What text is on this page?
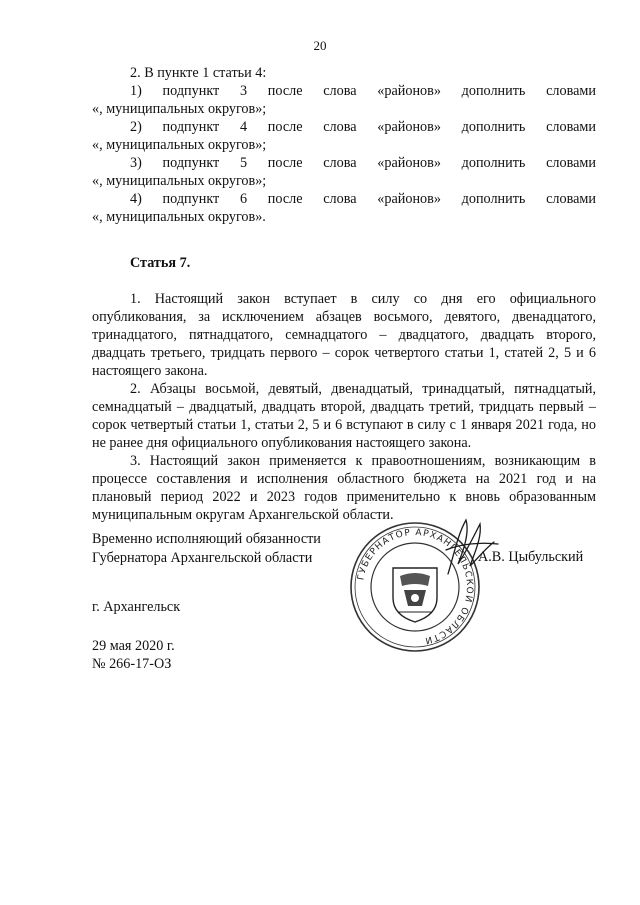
20

2. В пункте 1 статьи 4:

1) подпункт 3 после слова «районов» дополнить словами

«, муниципальных округов»;

2) подпункт 4 после слова «районов» дополнить словами

«, муниципальных округов»;

3) подпункт 5 после слова «районов» дополнить словами

«, муниципальных округов»;

4) подпункт 6 после слова «районов» дополнить словами

«, муниципальных округов».

Статья 7.

1. Настоящий закон вступает в силу со дня его официального опубликования, за исключением абзацев восьмого, девятого, двенадцатого, тринадцатого, пятнадцатого, семнадцатого – двадцатого, двадцать второго, двадцать третьего, тридцать первого – сорок четвертого статьи 1, статей 2, 5 и 6 настоящего закона.

2. Абзацы восьмой, девятый, двенадцатый, тринадцатый, пятнадцатый, семнадцатый – двадцатый, двадцать второй, двадцать третий, тридцать первый – сорок четвертый статьи 1, статьи 2, 5 и 6 вступают в силу с 1 января 2021 года, но не ранее дня официального опубликования настоящего закона.

3. Настоящий закон применяется к правоотношениям, возникающим в процессе составления и исполнения областного бюджета на 2021 год и на плановый период 2022 и 2023 годов применительно к вновь образованным муниципальным округам Архангельской области.

Временно исполняющий обязанности
Губернатора Архангельской области	А.В. Цыбульский
ГУБЕРНАТОР АРХАНГЕЛЬСКОЙ ОБЛАСТИ
г. Архангельск
29 мая 2020 г.
№ 266-17-ОЗ
